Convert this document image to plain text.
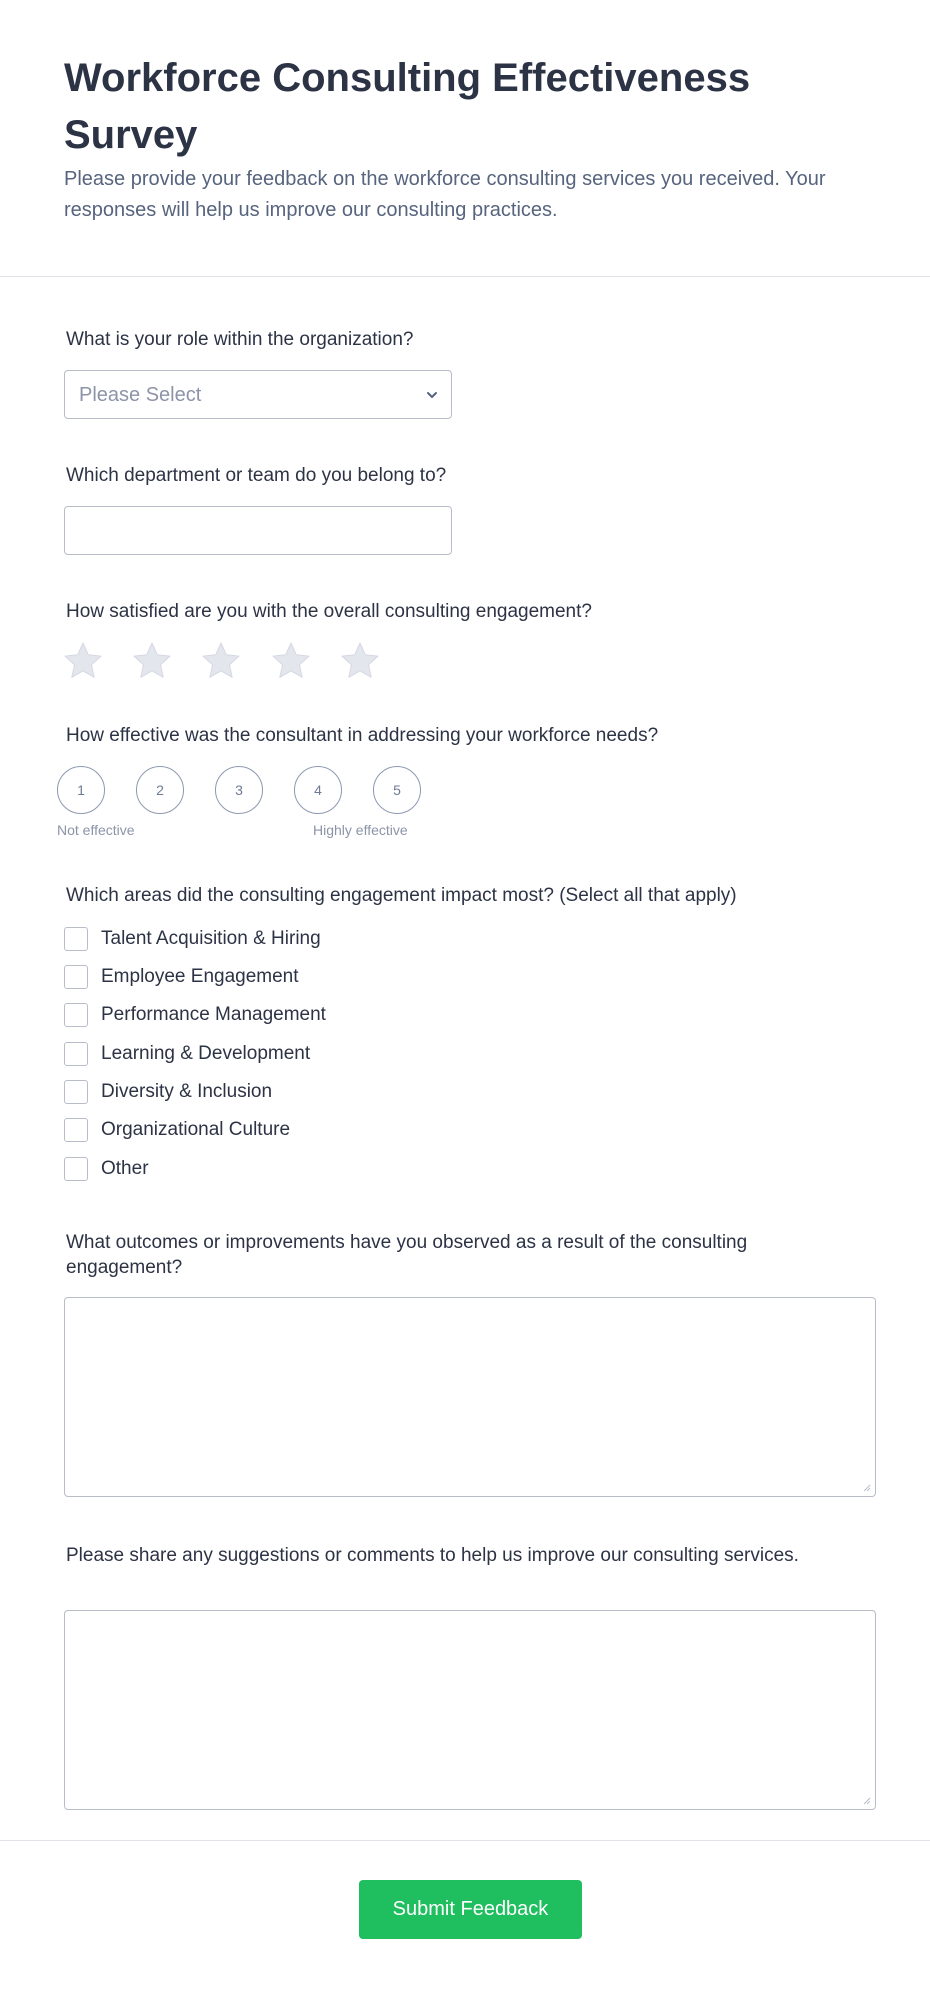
Workforce Consulting Effectiveness Survey

Please provide your feedback on the workforce consulting services you received. Your responses will help us improve our consulting practices.

What is your role within the organization?
Please Select
Which department or team do you belong to?
How satisfied are you with the overall consulting engagement?
How effective was the consultant in addressing your workforce needs?
1	2	3	4	5
Not effective	Highly effective
Which areas did the consulting engagement impact most? (Select all that apply)
Talent Acquisition & Hiring
Employee Engagement
Performance Management
Learning & Development
Diversity & Inclusion
Organizational Culture
Other
What outcomes or improvements have you observed as a result of the consulting engagement?
Please share any suggestions or comments to help us improve our consulting services.
Submit Feedback
